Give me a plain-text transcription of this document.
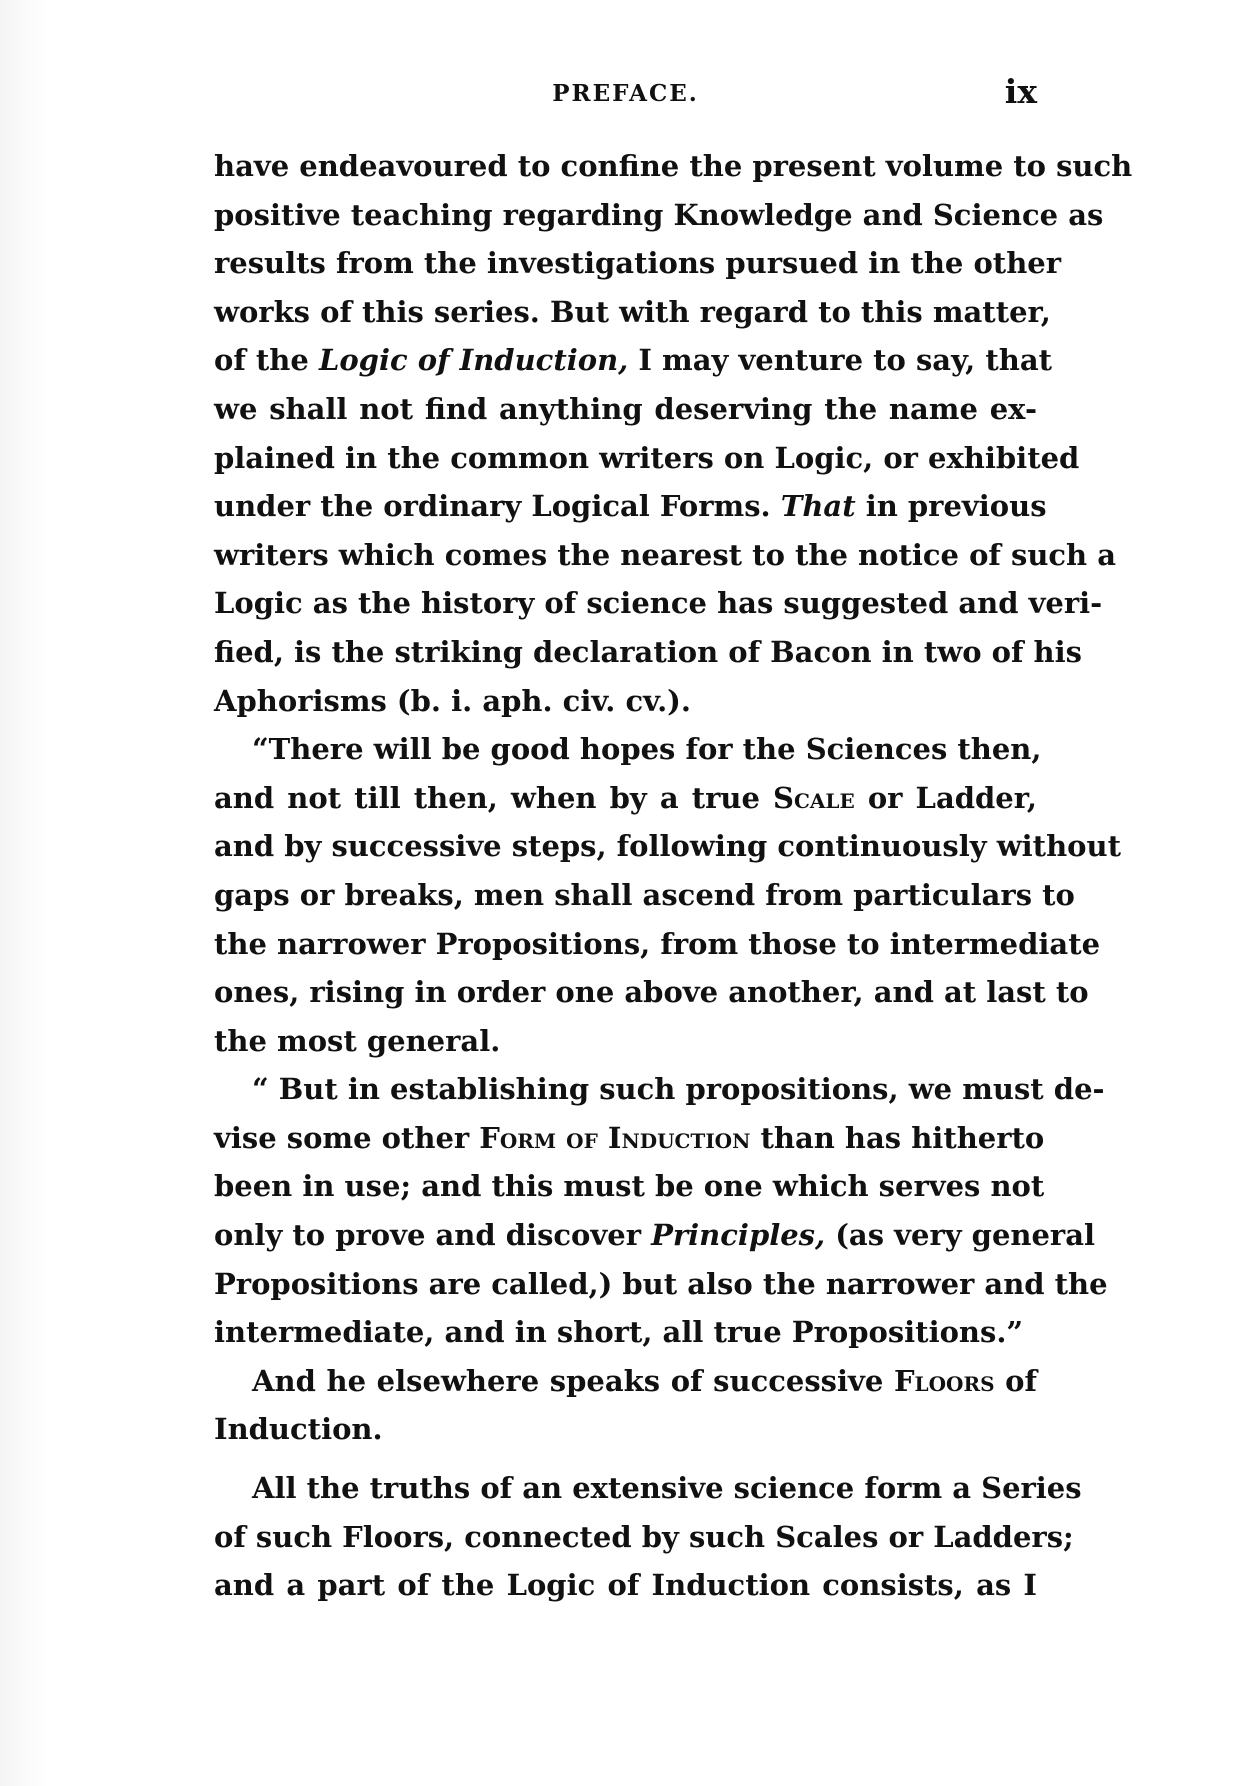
PREFACE.	ix
have endeavoured to confine the present volume to such
positive teaching regarding Knowledge and Science as
results from the investigations pursued in the other
works of this series. But with regard to this matter,
of the Logic of Induction, I may venture to say, that
we shall not find anything deserving the name ex-
plained in the common writers on Logic, or exhibited
under the ordinary Logical Forms. That in previous
writers which comes the nearest to the notice of such a
Logic as the history of science has suggested and veri-
fied, is the striking declaration of Bacon in two of his
Aphorisms (b. i. aph. civ. cv.).
“There will be good hopes for the Sciences then,
and not till then, when by a true Scale or Ladder,
and by successive steps, following continuously without
gaps or breaks, men shall ascend from particulars to
the narrower Propositions, from those to intermediate
ones, rising in order one above another, and at last to
the most general.
“ But in establishing such propositions, we must de-
vise some other Form of Induction than has hitherto
been in use; and this must be one which serves not
only to prove and discover Principles, (as very general
Propositions are called,) but also the narrower and the
intermediate, and in short, all true Propositions.”
And he elsewhere speaks of successive Floors of
Induction.
All the truths of an extensive science form a Series
of such Floors, connected by such Scales or Ladders;
and a part of the Logic of Induction consists, as I
